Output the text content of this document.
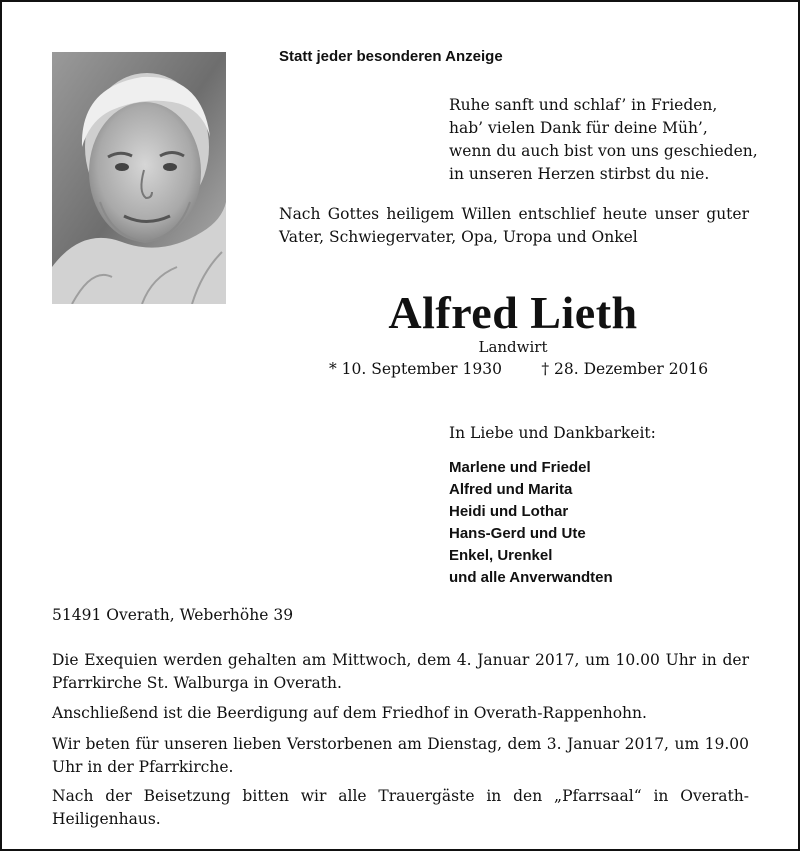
Statt jeder besonderen Anzeige

Ruhe sanft und schlaf’ in Frieden,
hab’ vielen Dank für deine Müh’,
wenn du auch bist von uns geschieden,
in unseren Herzen stirbst du nie.

Nach Gottes heiligem Willen entschlief heute unser guter Vater, Schwiegervater, Opa, Uropa und Onkel

Alfred Lieth

Landwirt

* 10. September 1930	† 28. Dezember 2016

In Liebe und Dankbarkeit:

Marlene und Friedel
Alfred und Marita
Heidi und Lothar
Hans-Gerd und Ute
Enkel, Urenkel
und alle Anverwandten

51491 Overath, Weberhöhe 39

Die Exequien werden gehalten am Mittwoch, dem 4. Januar 2017, um 10.00 Uhr in der Pfarrkirche St. Walburga in Overath.

Anschließend ist die Beerdigung auf dem Friedhof in Overath-Rappenhohn.

Wir beten für unseren lieben Verstorbenen am Dienstag, dem 3. Januar 2017, um 19.00 Uhr in der Pfarrkirche.

Nach der Beisetzung bitten wir alle Trauergäste in den „Pfarrsaal“ in Overath-Heiligenhaus.
